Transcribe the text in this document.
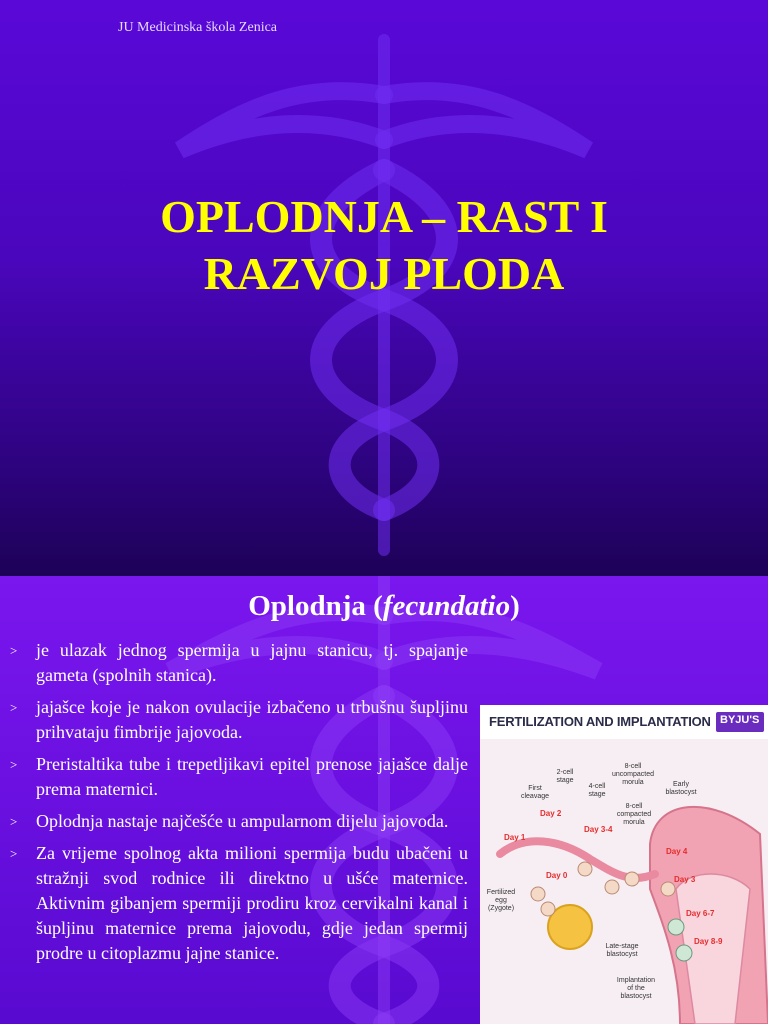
JU Medicinska škola Zenica
OPLODNJA – RAST I
RAZVOJ PLODA
Oplodnja (fecundatio)
> je ulazak jednog spermija u jajnu stanicu, tj. spajanje gameta (spolnih stanica).
> jajašce koje je nakon ovulacije izbačeno u trbušnu šupljinu prihvataju fimbrije jajovoda.
> Preristaltika tube i trepetljikavi epitel prenose jajašce dalje prema maternici.
> Oplodnja nastaje najčešće u ampularnom dijelu jajovoda.
> Za vrijeme spolnog akta milioni spermija budu ubačeni u stražnji svod rodnice ili direktno u ušće maternice. Aktivnim gibanjem spermiji prodiru kroz cervikalni kanal i šupljinu maternice prema jajovodu, gdje jedan spermij prodre u citoplazmu jajne stanice.
FERTILIZATION AND IMPLANTATION BYJU'S
First cleavage
2-cell stage
4-cell stage
8-cell uncompacted morula
8-cell compacted morula
Early blastocyst
Fertilized egg (Zygote)
Late-stage blastocyst
Implantation of the blastocyst
Day 1
Day 2
Day 3-4
Day 0
Day 4
Day 3
Day 6-7
Day 8-9
